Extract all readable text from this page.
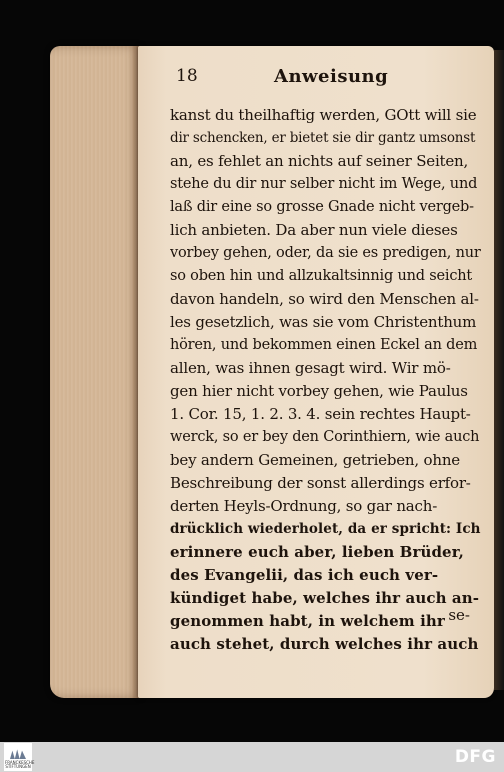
18	Anweisung
kanst du theilhaftig werden, GOtt will sie
dir schencken, er bietet sie dir gantz umsonst
an, es fehlet an nichts auf seiner Seiten,
stehe du dir nur selber nicht im Wege, und
laß dir eine so grosse Gnade nicht vergeb-
lich anbieten. Da aber nun viele dieses
vorbey gehen, oder, da sie es predigen, nur
so oben hin und allzukaltsinnig und seicht
davon handeln, so wird den Menschen al-
les gesetzlich, was sie vom Christenthum
hören, und bekommen einen Eckel an dem
allen, was ihnen gesagt wird. Wir mö-
gen hier nicht vorbey gehen, wie Paulus
1. Cor. 15, 1. 2. 3. 4. sein rechtes Haupt-
werck, so er bey den Corinthiern, wie auch
bey andern Gemeinen, getrieben, ohne
Beschreibung der sonst allerdings erfor-
derten Heyls-Ordnung, so gar nach-
drücklich wiederholet, da er spricht: Ich
erinnere euch aber, lieben Brüder,
des Evangelii, das ich euch ver-
kündiget habe, welches ihr auch an-
genommen habt, in welchem ihr
auch stehet, durch welches ihr auch
se-
FRANCKESCHE STIFTUNGEN	DFG
